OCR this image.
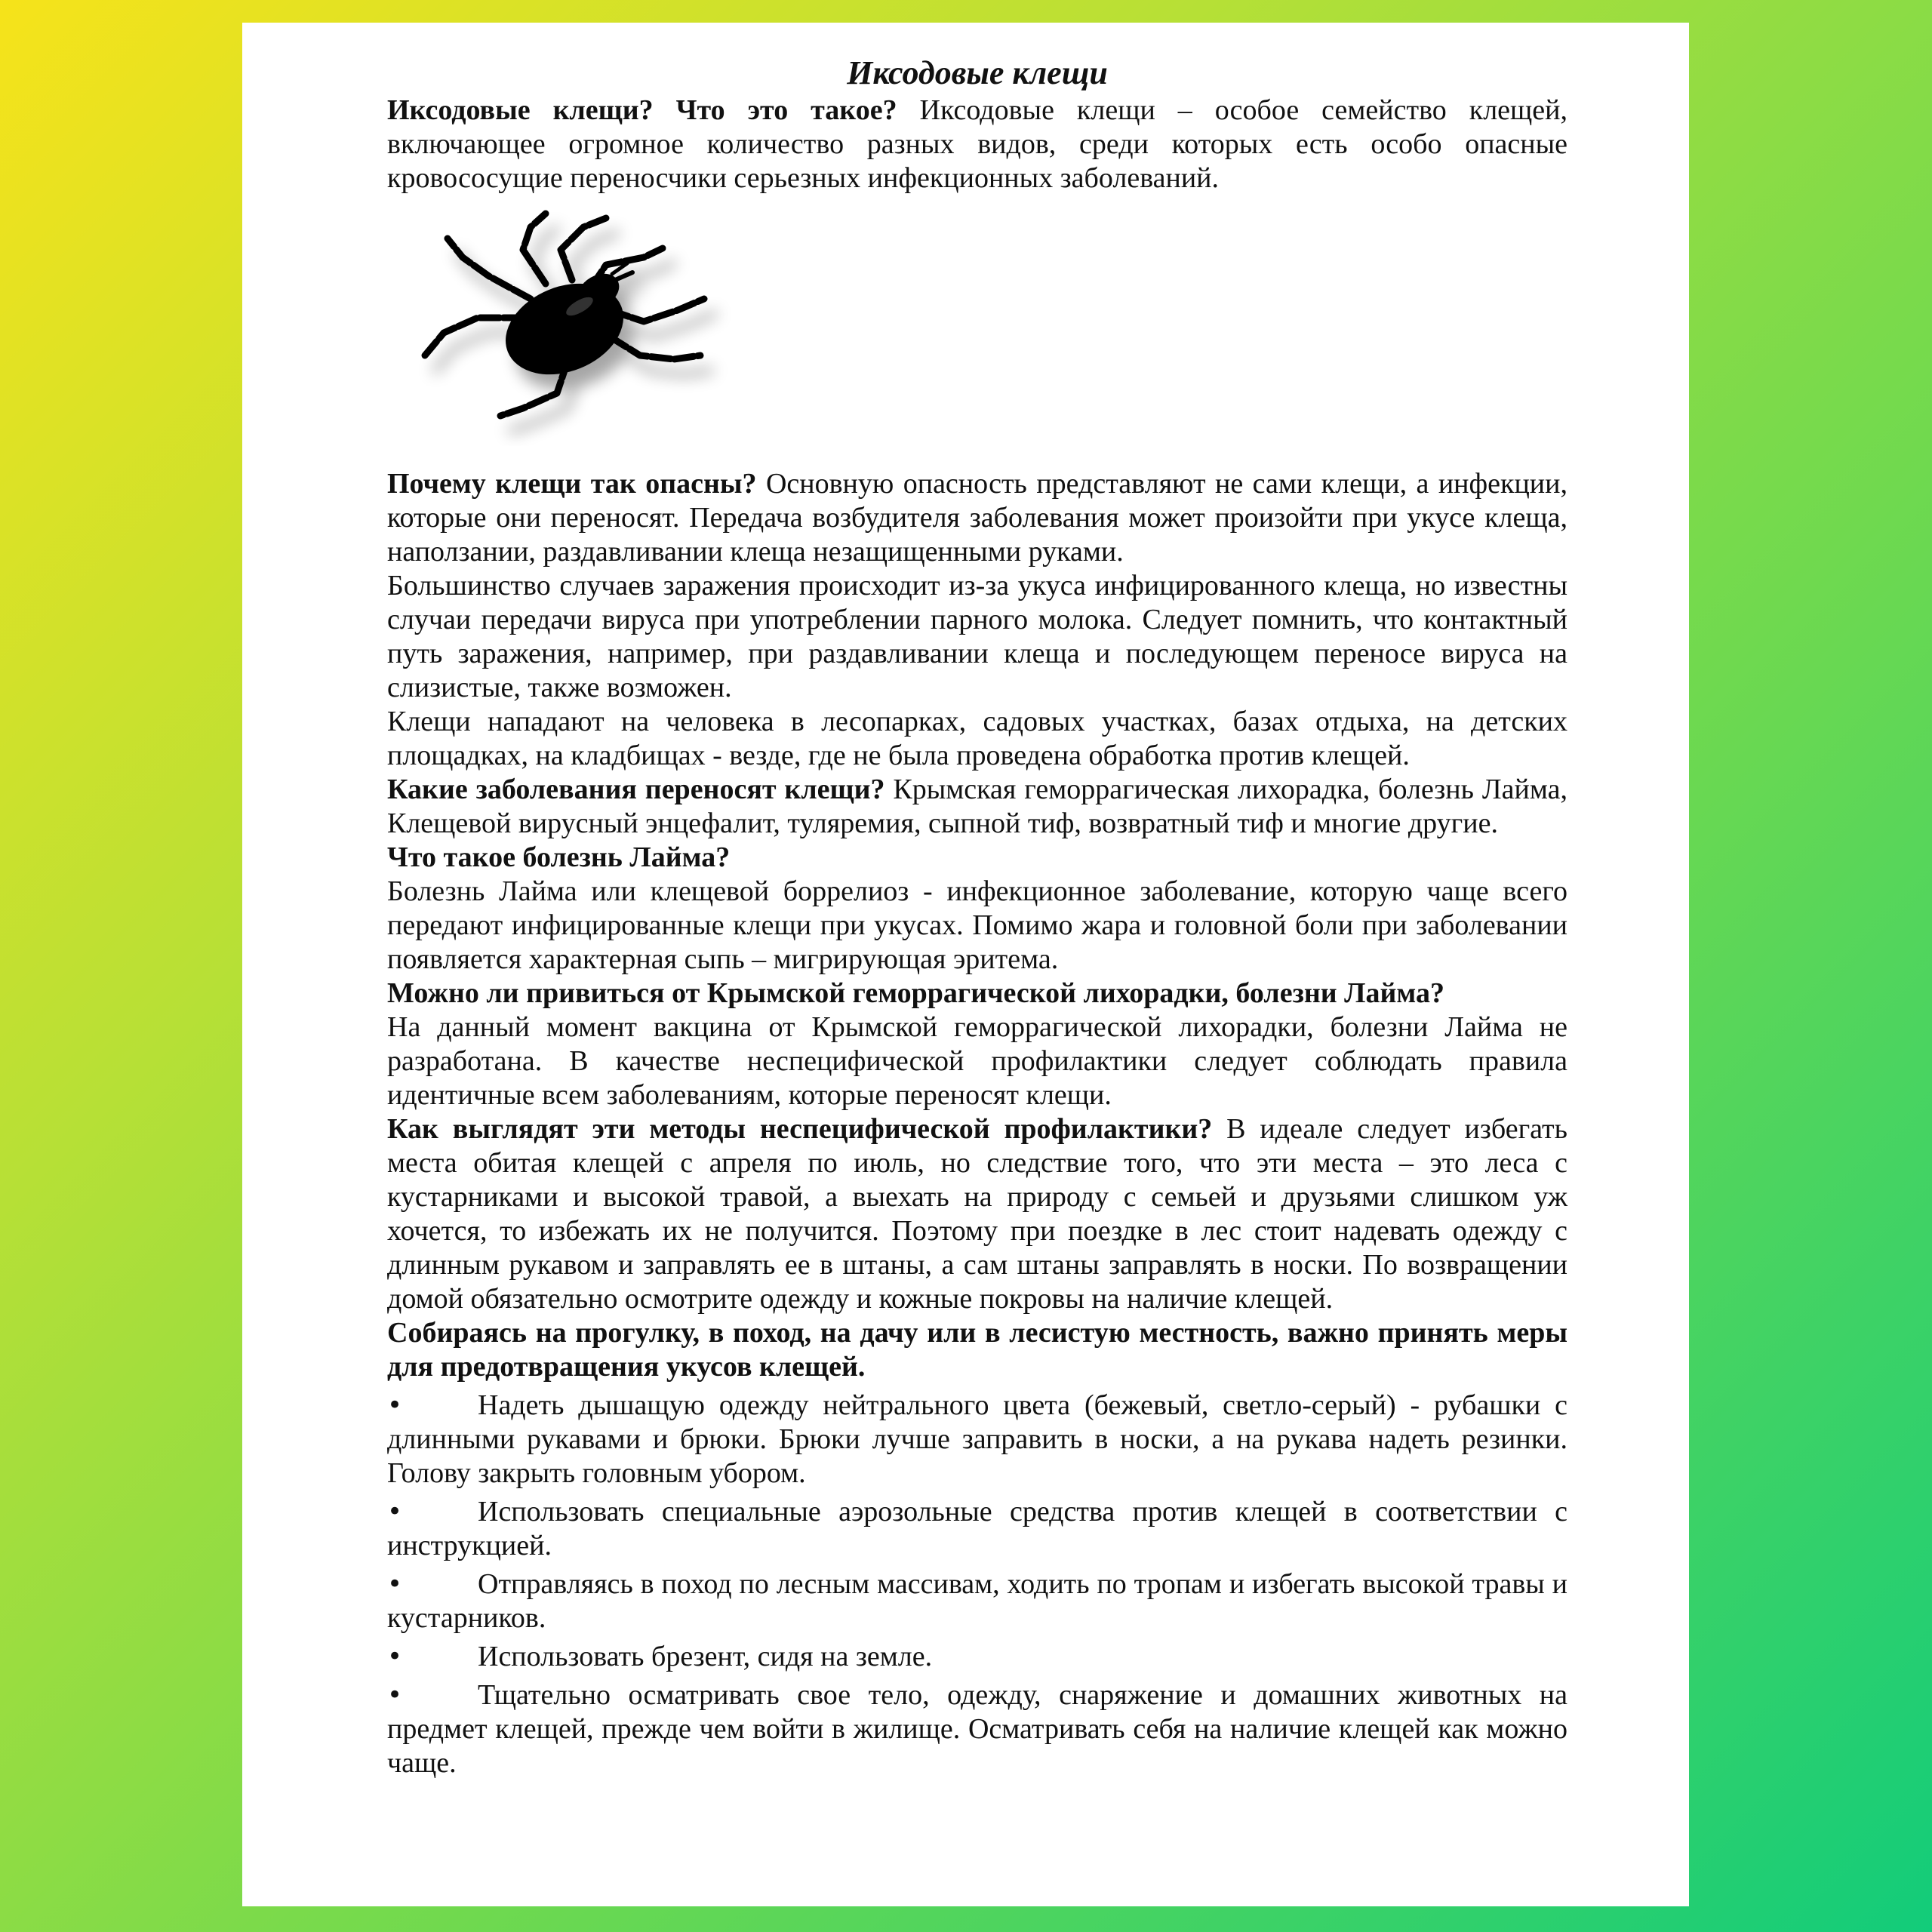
Иксодовые клещи

Иксодовые клещи? Что это такое? Иксодовые клещи – особое семейство клещей, включающее огромное количество разных видов, среди которых есть особо опасные кровососущие переносчики серьезных инфекционных заболеваний.

Почему клещи так опасны? Основную опасность представляют не сами клещи, а инфекции, которые они переносят. Передача возбудителя заболевания может произойти при укусе клеща, наползании, раздавливании клеща незащищенными руками.

Большинство случаев заражения происходит из-за укуса инфицированного клеща, но известны случаи передачи вируса при употреблении парного молока. Следует помнить, что контактный путь заражения, например, при раздавливании клеща и последующем переносе вируса на слизистые, также возможен.

Клещи нападают на человека в лесопарках, садовых участках, базах отдыха, на детских площадках, на кладбищах - везде, где не была проведена обработка против клещей.

Какие заболевания переносят клещи? Крымская геморрагическая лихорадка, болезнь Лайма, Клещевой вирусный энцефалит, туляремия, сыпной тиф, возвратный тиф и многие другие.

Что такое болезнь Лайма?

Болезнь Лайма или клещевой боррелиоз - инфекционное заболевание, которую чаще всего передают инфицированные клещи при укусах. Помимо жара и головной боли при заболевании появляется характерная сыпь – мигрирующая эритема.

Можно ли привиться от Крымской геморрагической лихорадки, болезни Лайма?

На данный момент вакцина от Крымской геморрагической лихорадки, болезни Лайма не разработана. В качестве неспецифической профилактики следует соблюдать правила идентичные всем заболеваниям, которые переносят клещи.

Как выглядят эти методы неспецифической профилактики? В идеале следует избегать места обитая клещей с апреля по июль, но следствие того, что эти места – это леса с кустарниками и высокой травой, а выехать на природу с семьей и друзьями слишком уж хочется, то избежать их не получится. Поэтому при поездке в лес стоит надевать одежду с длинным рукавом и заправлять ее в штаны, а сам штаны заправлять в носки. По возвращении домой обязательно осмотрите одежду и кожные покровы на наличие клещей.

Собираясь на прогулку, в поход, на дачу или в лесистую местность, важно принять меры для предотвращения укусов клещей.

•	Надеть дышащую одежду нейтрального цвета (бежевый, светло-серый) - рубашки с длинными рукавами и брюки. Брюки лучше заправить в носки, а на рукава надеть резинки. Голову закрыть головным убором.
•	Использовать специальные аэрозольные средства против клещей в соответствии с инструкцией.
•	Отправляясь в поход по лесным массивам, ходить по тропам и избегать высокой травы и кустарников.
•	Использовать брезент, сидя на земле.
•	Тщательно осматривать свое тело, одежду, снаряжение и домашних животных на предмет клещей, прежде чем войти в жилище. Осматривать себя на наличие клещей как можно чаще.
